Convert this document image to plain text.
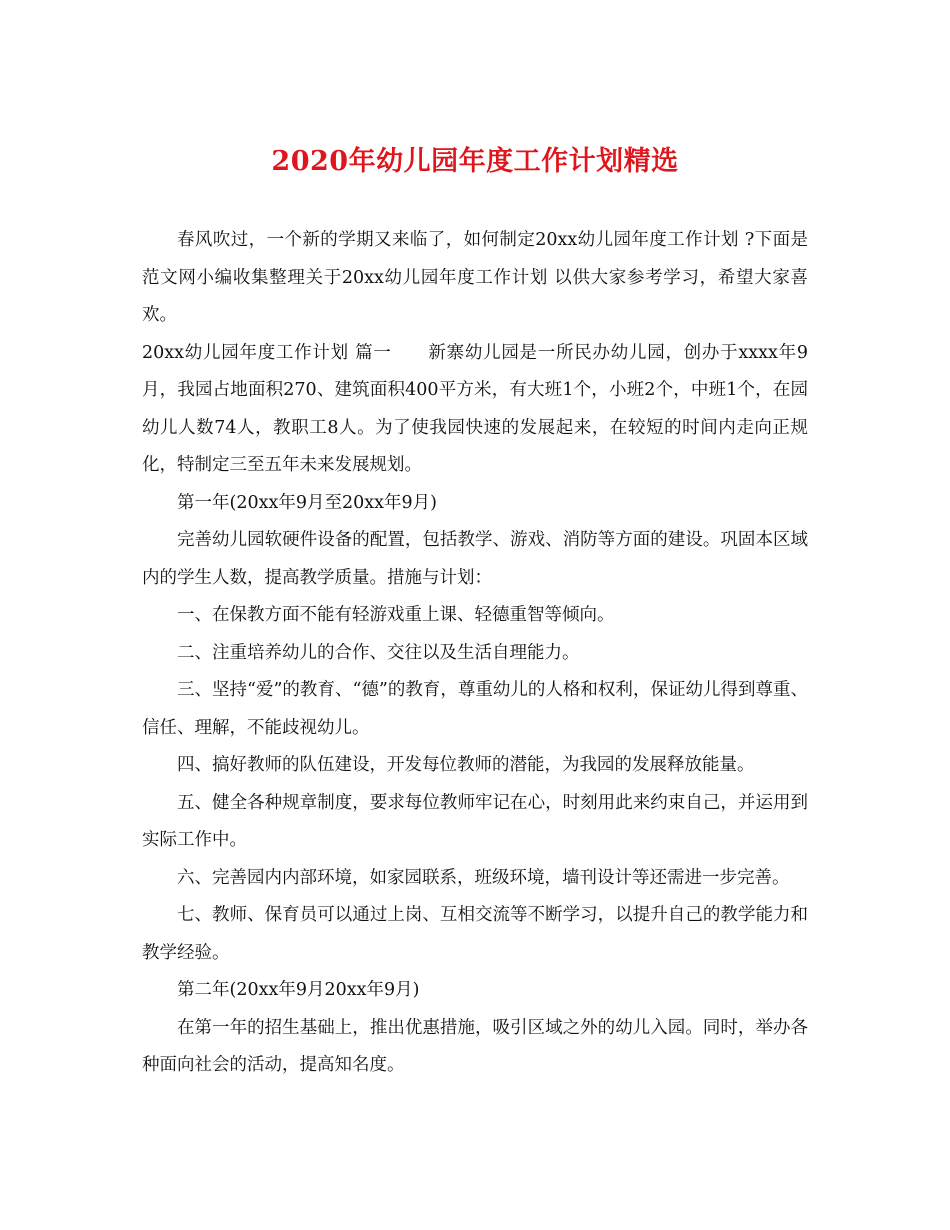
2020年幼儿园年度工作计划精选

春风吹过，一个新的学期又来临了，如何制定20xx幼儿园年度工作计划 ?下面是范文网小编收集整理关于20xx幼儿园年度工作计划 以供大家参考学习，希望大家喜欢。

20xx幼儿园年度工作计划 篇一 新寨幼儿园是一所民办幼儿园，创办于xxxx年9月，我园占地面积270、建筑面积400平方米，有大班1个，小班2个，中班1个，在园幼儿人数74人，教职工8人。为了使我园快速的发展起来，在较短的时间内走向正规化，特制定三至五年未来发展规划。

第一年(20xx年9月至20xx年9月)

完善幼儿园软硬件设备的配置，包括教学、游戏、消防等方面的建设。巩固本区域内的学生人数，提高教学质量。措施与计划：

一、在保教方面不能有轻游戏重上课、轻德重智等倾向。

二、注重培养幼儿的合作、交往以及生活自理能力。

三、坚持“爱”的教育、“德”的教育，尊重幼儿的人格和权利，保证幼儿得到尊重、信任、理解，不能歧视幼儿。

四、搞好教师的队伍建设，开发每位教师的潜能，为我园的发展释放能量。

五、健全各种规章制度，要求每位教师牢记在心，时刻用此来约束自己，并运用到实际工作中。

六、完善园内内部环境，如家园联系，班级环境，墙刊设计等还需进一步完善。

七、教师、保育员可以通过上岗、互相交流等不断学习，以提升自己的教学能力和教学经验。

第二年(20xx年9月20xx年9月)

在第一年的招生基础上，推出优惠措施，吸引区域之外的幼儿入园。同时，举办各种面向社会的活动，提高知名度。
